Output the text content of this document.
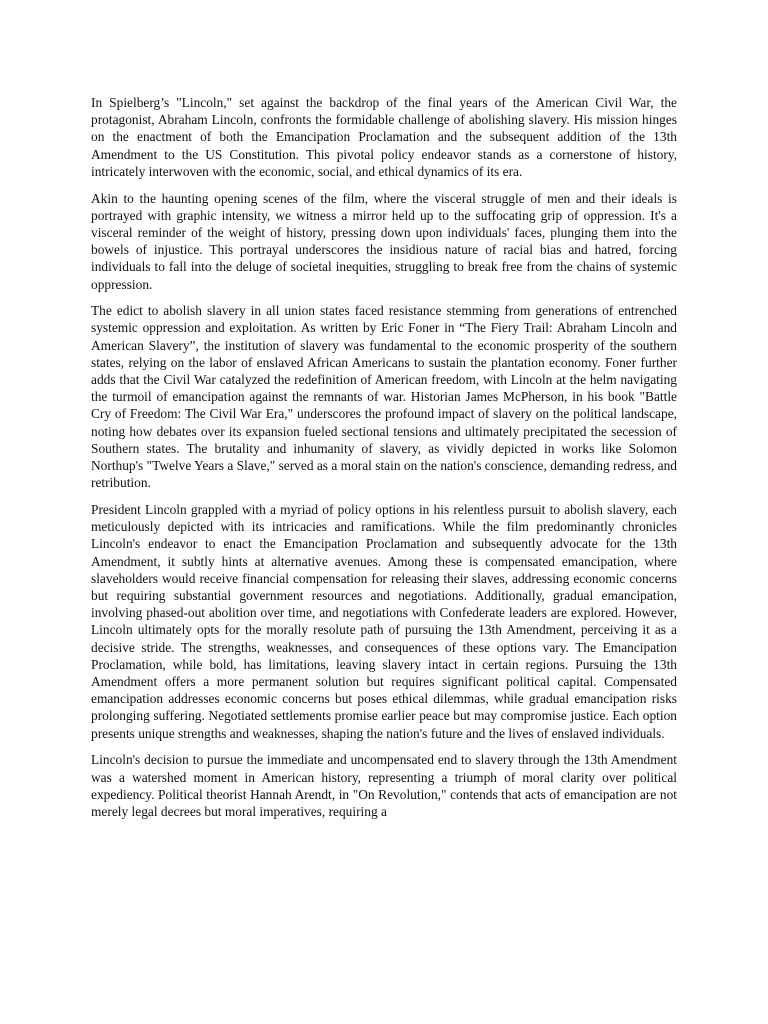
In Spielberg’s "Lincoln," set against the backdrop of the final years of the American Civil War, the protagonist, Abraham Lincoln, confronts the formidable challenge of abolishing slavery. His mission hinges on the enactment of both the Emancipation Proclamation and the subsequent addition of the 13th Amendment to the US Constitution. This pivotal policy endeavor stands as a cornerstone of history, intricately interwoven with the economic, social, and ethical dynamics of its era.

Akin to the haunting opening scenes of the film, where the visceral struggle of men and their ideals is portrayed with graphic intensity, we witness a mirror held up to the suffocating grip of oppression. It's a visceral reminder of the weight of history, pressing down upon individuals' faces, plunging them into the bowels of injustice. This portrayal underscores the insidious nature of racial bias and hatred, forcing individuals to fall into the deluge of societal inequities, struggling to break free from the chains of systemic oppression.

The edict to abolish slavery in all union states faced resistance stemming from generations of entrenched systemic oppression and exploitation. As written by Eric Foner in “The Fiery Trail: Abraham Lincoln and American Slavery”, the institution of slavery was fundamental to the economic prosperity of the southern states, relying on the labor of enslaved African Americans to sustain the plantation economy. Foner further adds that the Civil War catalyzed the redefinition of American freedom, with Lincoln at the helm navigating the turmoil of emancipation against the remnants of war. Historian James McPherson, in his book "Battle Cry of Freedom: The Civil War Era," underscores the profound impact of slavery on the political landscape, noting how debates over its expansion fueled sectional tensions and ultimately precipitated the secession of Southern states. The brutality and inhumanity of slavery, as vividly depicted in works like Solomon Northup's "Twelve Years a Slave," served as a moral stain on the nation's conscience, demanding redress, and retribution.

President Lincoln grappled with a myriad of policy options in his relentless pursuit to abolish slavery, each meticulously depicted with its intricacies and ramifications. While the film predominantly chronicles Lincoln's endeavor to enact the Emancipation Proclamation and subsequently advocate for the 13th Amendment, it subtly hints at alternative avenues. Among these is compensated emancipation, where slaveholders would receive financial compensation for releasing their slaves, addressing economic concerns but requiring substantial government resources and negotiations. Additionally, gradual emancipation, involving phased-out abolition over time, and negotiations with Confederate leaders are explored. However, Lincoln ultimately opts for the morally resolute path of pursuing the 13th Amendment, perceiving it as a decisive stride. The strengths, weaknesses, and consequences of these options vary. The Emancipation Proclamation, while bold, has limitations, leaving slavery intact in certain regions. Pursuing the 13th Amendment offers a more permanent solution but requires significant political capital. Compensated emancipation addresses economic concerns but poses ethical dilemmas, while gradual emancipation risks prolonging suffering. Negotiated settlements promise earlier peace but may compromise justice. Each option presents unique strengths and weaknesses, shaping the nation's future and the lives of enslaved individuals.

Lincoln's decision to pursue the immediate and uncompensated end to slavery through the 13th Amendment was a watershed moment in American history, representing a triumph of moral clarity over political expediency. Political theorist Hannah Arendt, in "On Revolution," contends that acts of emancipation are not merely legal decrees but moral imperatives, requiring a
